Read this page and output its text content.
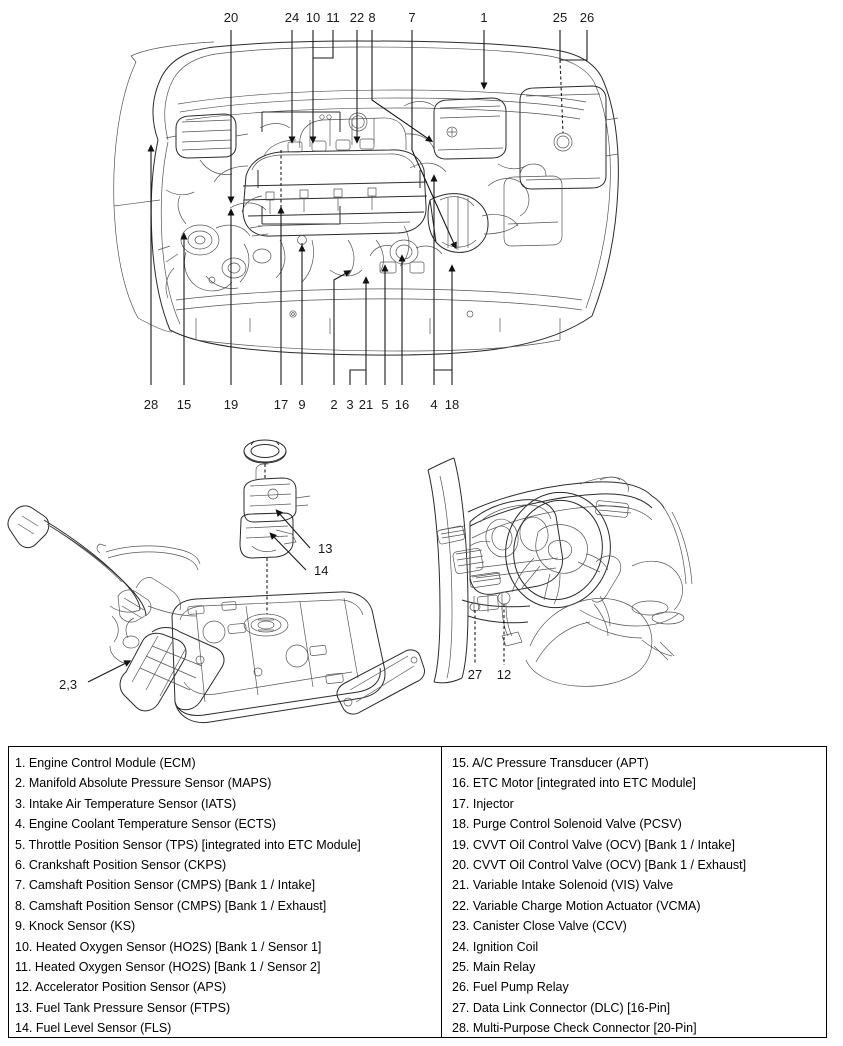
20	24 10 11 22 8	7	1	25 26
28 15	19	17 9 2 3 21 5 16 4 18
13
14
2,3
27 12
1. Engine Control Module (ECM)
2. Manifold Absolute Pressure Sensor (MAPS)
3. Intake Air Temperature Sensor (IATS)
4. Engine Coolant Temperature Sensor (ECTS)
5. Throttle Position Sensor (TPS) [integrated into ETC Module]
6. Crankshaft Position Sensor (CKPS)
7. Camshaft Position Sensor (CMPS) [Bank 1 / Intake]
8. Camshaft Position Sensor (CMPS) [Bank 1 / Exhaust]
9. Knock Sensor (KS)
10. Heated Oxygen Sensor (HO2S) [Bank 1 / Sensor 1]
11. Heated Oxygen Sensor (HO2S) [Bank 1 / Sensor 2]
12. Accelerator Position Sensor (APS)
13. Fuel Tank Pressure Sensor (FTPS)
14. Fuel Level Sensor (FLS)
15. A/C Pressure Transducer (APT)
16. ETC Motor [integrated into ETC Module]
17. Injector
18. Purge Control Solenoid Valve (PCSV)
19. CVVT Oil Control Valve (OCV) [Bank 1 / Intake]
20. CVVT Oil Control Valve (OCV) [Bank 1 / Exhaust]
21. Variable Intake Solenoid (VIS) Valve
22. Variable Charge Motion Actuator (VCMA)
23. Canister Close Valve (CCV)
24. Ignition Coil
25. Main Relay
26. Fuel Pump Relay
27. Data Link Connector (DLC) [16-Pin]
28. Multi-Purpose Check Connector [20-Pin]
